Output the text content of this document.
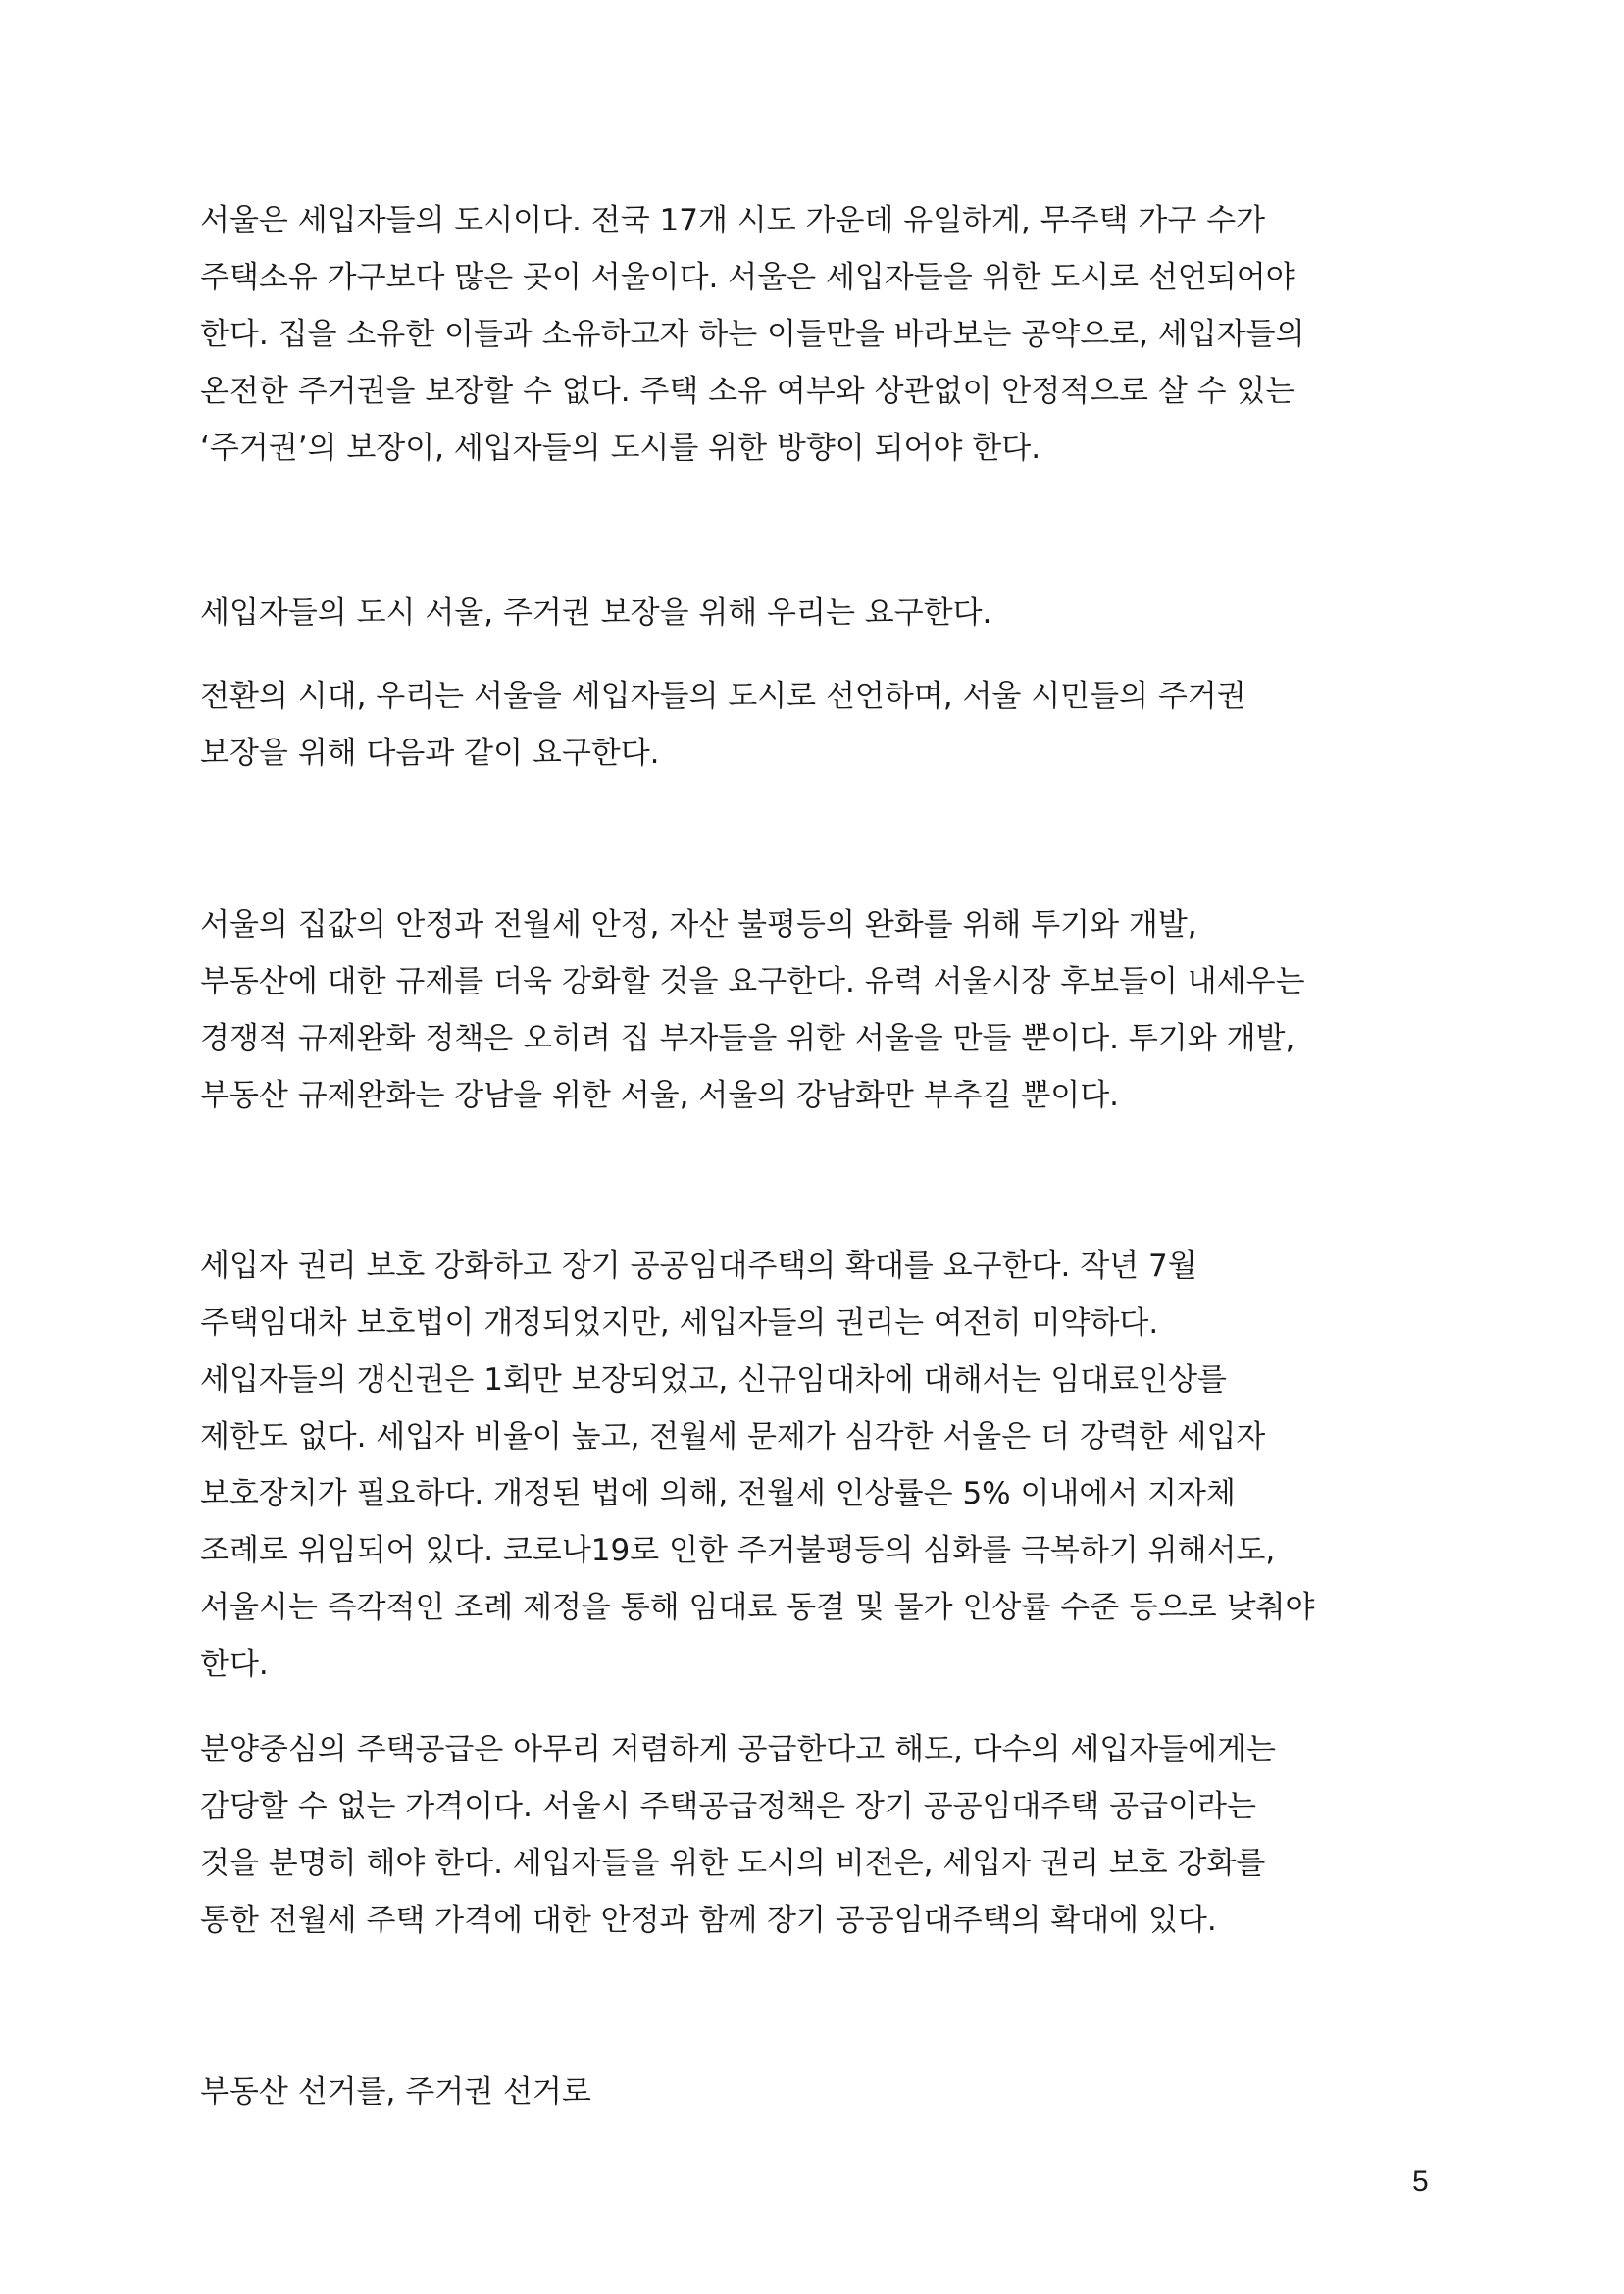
서울은 세입자들의 도시이다. 전국 17개 시도 가운데 유일하게, 무주택 가구 수가
주택소유 가구보다 많은 곳이 서울이다. 서울은 세입자들을 위한 도시로 선언되어야
한다. 집을 소유한 이들과 소유하고자 하는 이들만을 바라보는 공약으로, 세입자들의
온전한 주거권을 보장할 수 없다. 주택 소유 여부와 상관없이 안정적으로 살 수 있는
‘주거권’의 보장이, 세입자들의 도시를 위한 방향이 되어야 한다.
세입자들의 도시 서울, 주거권 보장을 위해 우리는 요구한다.
전환의 시대, 우리는 서울을 세입자들의 도시로 선언하며, 서울 시민들의 주거권
보장을 위해 다음과 같이 요구한다.
서울의 집값의 안정과 전월세 안정, 자산 불평등의 완화를 위해 투기와 개발,
부동산에 대한 규제를 더욱 강화할 것을 요구한다. 유력 서울시장 후보들이 내세우는
경쟁적 규제완화 정책은 오히려 집 부자들을 위한 서울을 만들 뿐이다. 투기와 개발,
부동산 규제완화는 강남을 위한 서울, 서울의 강남화만 부추길 뿐이다.
세입자 권리 보호 강화하고 장기 공공임대주택의 확대를 요구한다. 작년 7월
주택임대차 보호법이 개정되었지만, 세입자들의 권리는 여전히 미약하다.
세입자들의 갱신권은 1회만 보장되었고, 신규임대차에 대해서는 임대료인상를
제한도 없다. 세입자 비율이 높고, 전월세 문제가 심각한 서울은 더 강력한 세입자
보호장치가 필요하다. 개정된 법에 의해, 전월세 인상률은 5% 이내에서 지자체
조례로 위임되어 있다. 코로나19로 인한 주거불평등의 심화를 극복하기 위해서도,
서울시는 즉각적인 조례 제정을 통해 임대료 동결 및 물가 인상률 수준 등으로 낮춰야
한다.
분양중심의 주택공급은 아무리 저렴하게 공급한다고 해도, 다수의 세입자들에게는
감당할 수 없는 가격이다. 서울시 주택공급정책은 장기 공공임대주택 공급이라는
것을 분명히 해야 한다. 세입자들을 위한 도시의 비전은, 세입자 권리 보호 강화를
통한 전월세 주택 가격에 대한 안정과 함께 장기 공공임대주택의 확대에 있다.
부동산 선거를, 주거권 선거로
5
